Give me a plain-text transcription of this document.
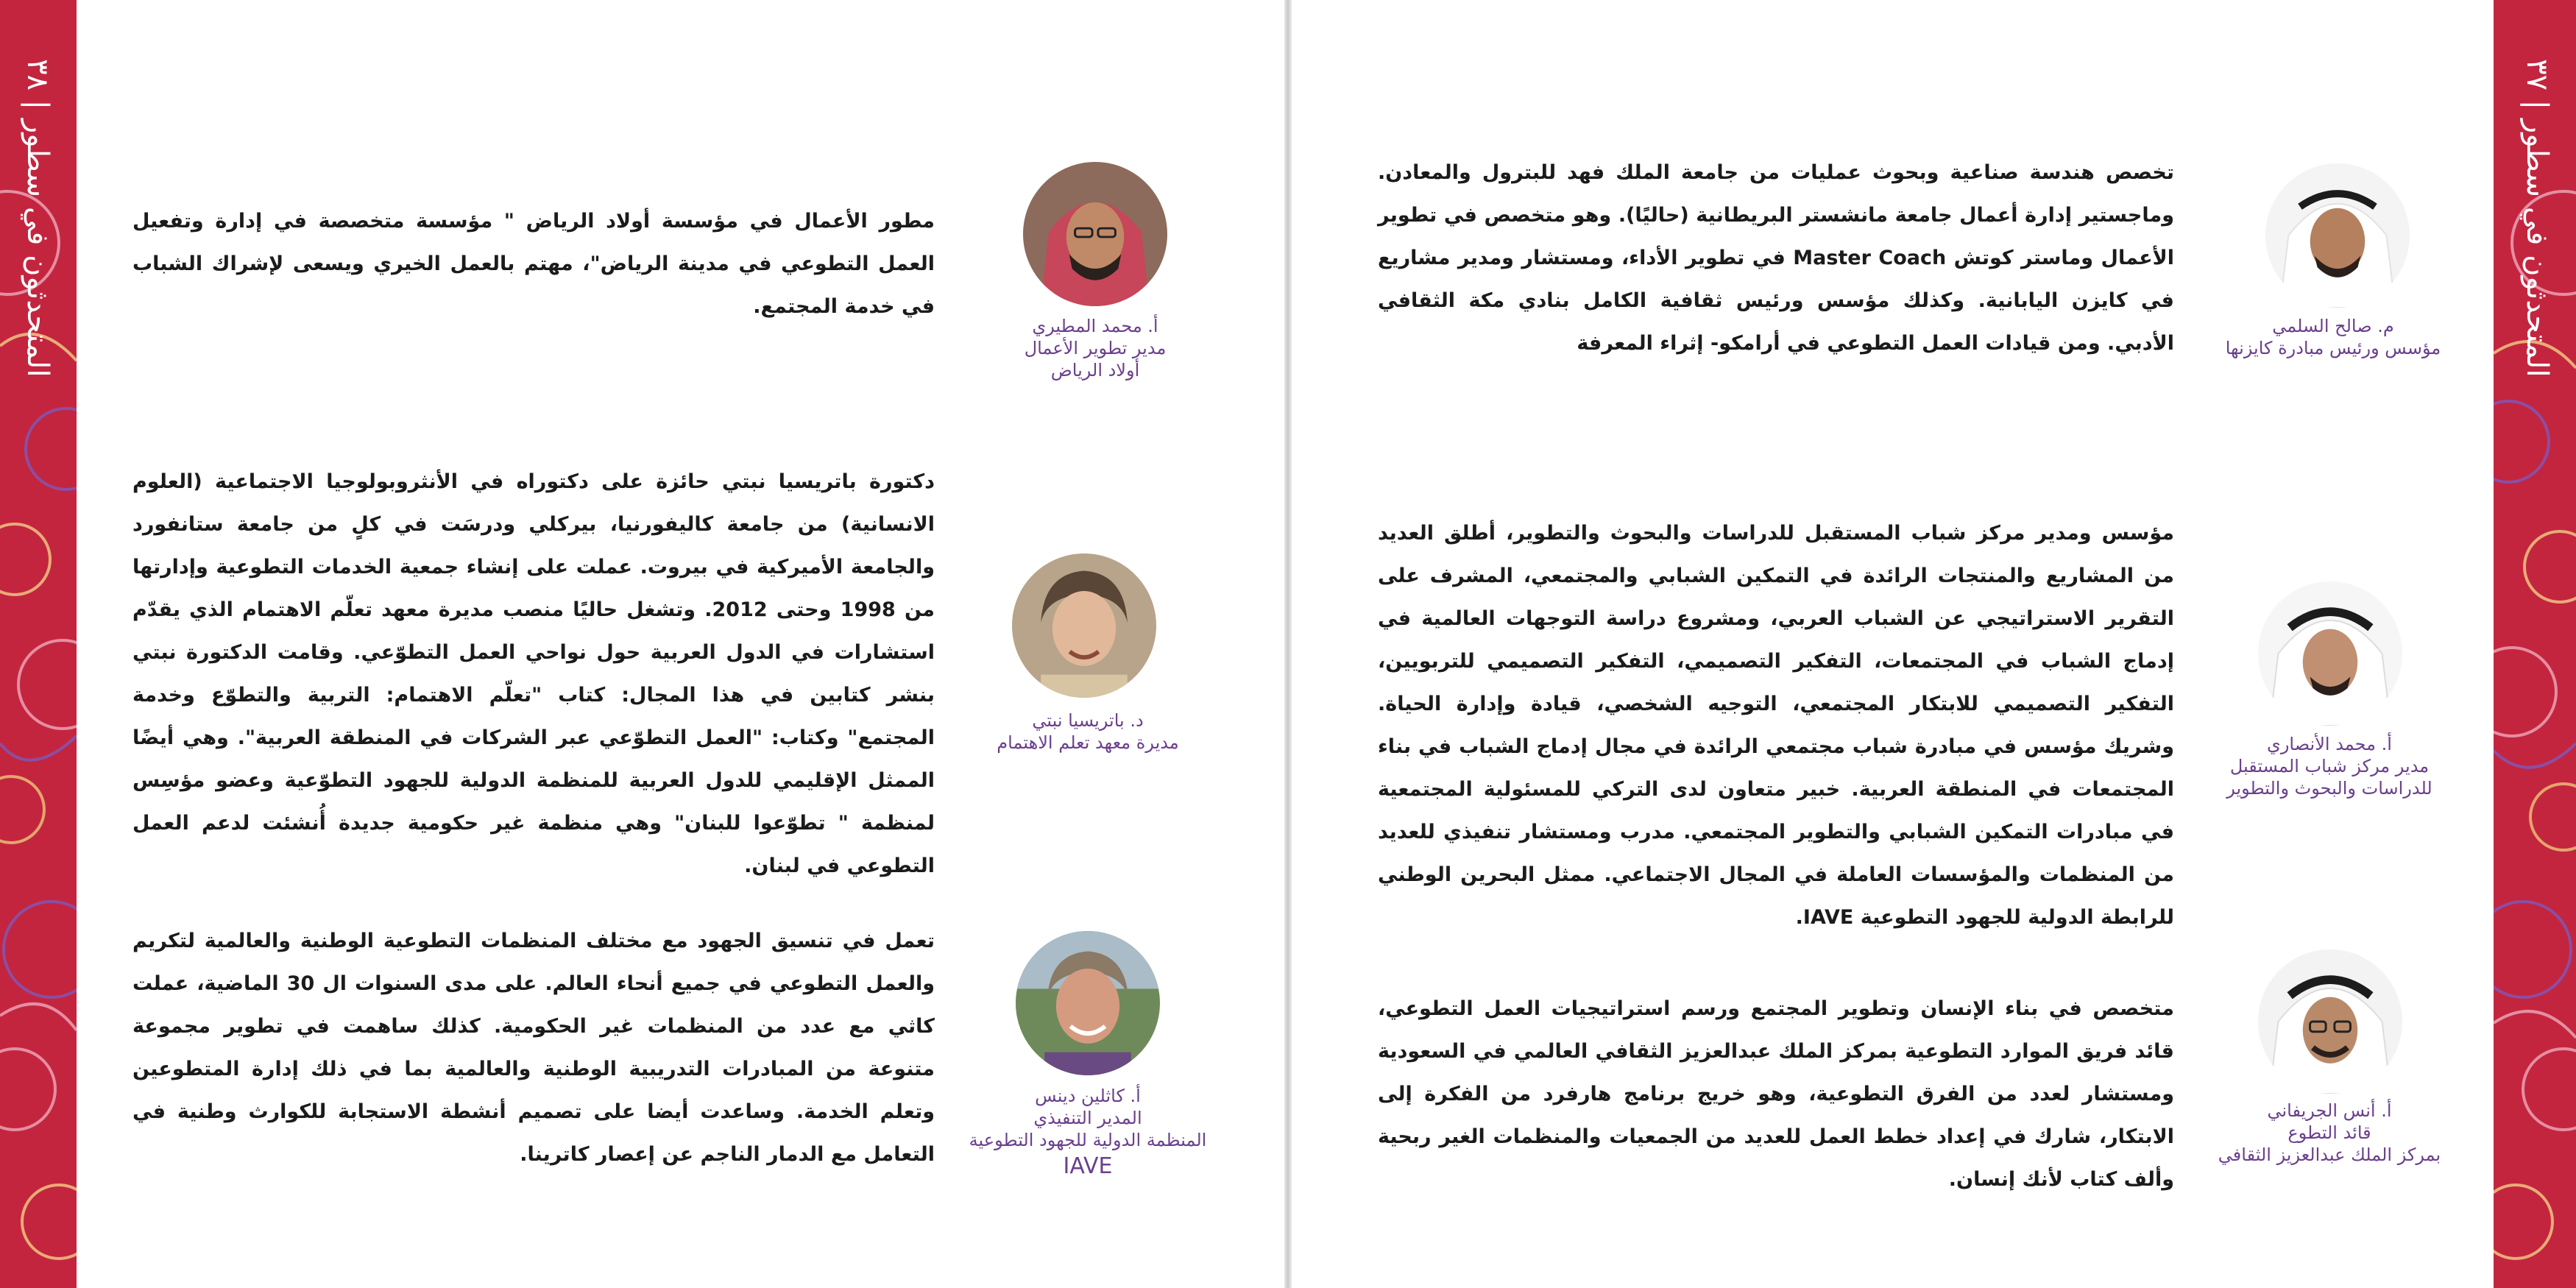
المتحدثون في سطور | ٣٨
المتحدثون في سطور | ٣٧
أ. محمد المطيري
مدير تطوير الأعمال
أولاد الرياض

مطور الأعمال في مؤسسة أولاد الرياض " مؤسسة متخصصة في إدارة وتفعيل العمل التطوعي في مدينة الرياض"، مهتم بالعمل الخيري ويسعى لإشراك الشباب في خدمة المجتمع.

د. باتريسيا نبتي
مديرة معهد تعلم الاهتمام

دكتورة باتريسيا نبتي حائزة على دكتوراه في الأنثروبولوجيا الاجتماعية (العلوم الانسانية) من جامعة كاليفورنيا، بيركلي ودرسَت في كلٍ من جامعة ستانفورد والجامعة الأميركية في بيروت. عملت على إنشاء جمعية الخدمات التطوعية وإدارتها من 1998 وحتى 2012. وتشغل حاليًا منصب مديرة معهد تعلّم الاهتمام الذي يقدّم استشارات في الدول العربية حول نواحي العمل التطوّعي. وقامت الدكتورة نبتي بنشر كتابين في هذا المجال: كتاب "تعلّم الاهتمام: التربية والتطوّع وخدمة المجتمع" وكتاب: "العمل التطوّعي عبر الشركات في المنطقة العربية". وهي أيضًا الممثل الإقليمي للدول العربية للمنظمة الدولية للجهود التطوّعية وعضو مؤسِس لمنظمة " تطوّعوا للبنان" وهي منظمة غير حكومية جديدة أُنشئت لدعم العمل التطوعي في لبنان.

أ. كاثلين دينس
المدير التنفيذي
المنظمة الدولية للجهود التطوعية
IAVE

تعمل في تنسيق الجهود مع مختلف المنظمات التطوعية الوطنية والعالمية لتكريم والعمل التطوعي في جميع أنحاء العالم. على مدى السنوات ال 30 الماضية، عملت كاثي مع عدد من المنظمات غير الحكومية. كذلك ساهمت في تطوير مجموعة متنوعة من المبادرات التدريبية الوطنية والعالمية بما في ذلك إدارة المتطوعين وتعلم الخدمة. وساعدت أيضا على تصميم أنشطة الاستجابة للكوارث وطنية في التعامل مع الدمار الناجم عن إعصار كاترينا.

م. صالح السلمي
مؤسس ورئيس مبادرة كايزنها

تخصص هندسة صناعية وبحوث عمليات من جامعة الملك فهد للبترول والمعادن. وماجستير إدارة أعمال جامعة مانشستر البريطانية (حاليًا). وهو متخصص في تطوير الأعمال وماستر كوتش Master Coach في تطوير الأداء، ومستشار ومدير مشاريع في كايزن اليابانية. وكذلك مؤسس ورئيس ثقافية الكامل بنادي مكة الثقافي الأدبي. ومن قيادات العمل التطوعي في أرامكو- إثراء المعرفة

أ. محمد الأنصاري
مدير مركز شباب المستقبل
للدراسات والبحوث والتطوير

مؤسس ومدير مركز شباب المستقبل للدراسات والبحوث والتطوير، أطلق العديد من المشاريع والمنتجات الرائدة في التمكين الشبابي والمجتمعي، المشرف على التقرير الاستراتيجي عن الشباب العربي، ومشروع دراسة التوجهات العالمية في إدماج الشباب في المجتمعات، التفكير التصميمي، التفكير التصميمي للتربويين، التفكير التصميمي للابتكار المجتمعي، التوجيه الشخصي، قيادة وإدارة الحياة. وشريك مؤسس في مبادرة شباب مجتمعي الرائدة في مجال إدماج الشباب في بناء المجتمعات في المنطقة العربية. خبير متعاون لدى التركي للمسئولية المجتمعية في مبادرات التمكين الشبابي والتطوير المجتمعي. مدرب ومستشار تنفيذي للعديد من المنظمات والمؤسسات العاملة في المجال الاجتماعي. ممثل البحرين الوطني للرابطة الدولية للجهود التطوعية IAVE.

أ. أنس الجريفاني
قائد التطوع
بمركز الملك عبدالعزيز الثقافي

متخصص في بناء الإنسان وتطوير المجتمع ورسم استراتيجيات العمل التطوعي، قائد فريق الموارد التطوعية بمركز الملك عبدالعزيز الثقافي العالمي في السعودية ومستشار لعدد من الفرق التطوعية، وهو خريج برنامج هارفرد من الفكرة إلى الابتكار، شارك في إعداد خطط العمل للعديد من الجمعيات والمنظمات الغير ربحية وألف كتاب لأنك إنسان.
